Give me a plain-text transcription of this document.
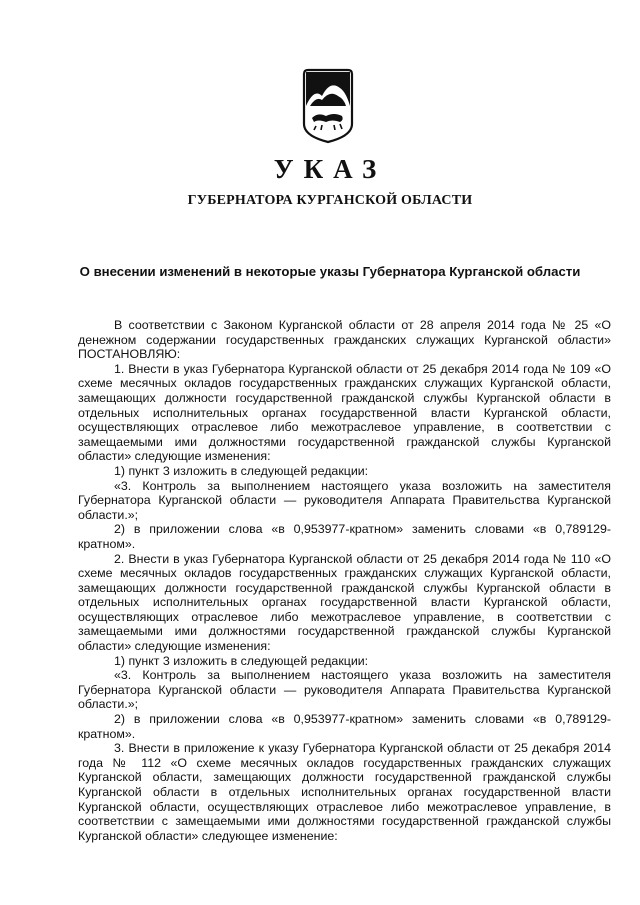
УКАЗ
ГУБЕРНАТОРА КУРГАНСКОЙ ОБЛАСТИ
О внесении изменений в некоторые указы Губернатора Курганской области

В соответствии с Законом Курганской области от 28 апреля 2014 года № 25 «О денежном содержании государственных гражданских служащих Курганской области» ПОСТАНОВЛЯЮ:

1. Внести в указ Губернатора Курганской области от 25 декабря 2014 года № 109 «О схеме месячных окладов государственных гражданских служащих Курганской области, замещающих должности государственной гражданской службы Курганской области в отдельных исполнительных органах государственной власти Курганской области, осуществляющих отраслевое либо межотраслевое управление, в соответствии с замещаемыми ими должностями государственной гражданской службы Курганской области» следующие изменения:

1) пункт 3 изложить в следующей редакции:

«3. Контроль за выполнением настоящего указа возложить на заместителя Губернатора Курганской области — руководителя Аппарата Правительства Курганской области.»;

2) в приложении слова «в 0,953977-кратном» заменить словами «в 0,789129-кратном».

2. Внести в указ Губернатора Курганской области от 25 декабря 2014 года № 110 «О схеме месячных окладов государственных гражданских служащих Курганской области, замещающих должности государственной гражданской службы Курганской области в отдельных исполнительных органах государственной власти Курганской области, осуществляющих отраслевое либо межотраслевое управление, в соответствии с замещаемыми ими должностями государственной гражданской службы Курганской области» следующие изменения:

1) пункт 3 изложить в следующей редакции:

«3. Контроль за выполнением настоящего указа возложить на заместителя Губернатора Курганской области — руководителя Аппарата Правительства Курганской области.»;

2) в приложении слова «в 0,953977-кратном» заменить словами «в 0,789129-кратном».

3. Внести в приложение к указу Губернатора Курганской области от 25 декабря 2014 года № 112 «О схеме месячных окладов государственных гражданских служащих Курганской области, замещающих должности государственной гражданской службы Курганской области в отдельных исполнительных органах государственной власти Курганской области, осуществляющих отраслевое либо межотраслевое управление, в соответствии с замещаемыми ими должностями государственной гражданской службы Курганской области» следующее изменение:
